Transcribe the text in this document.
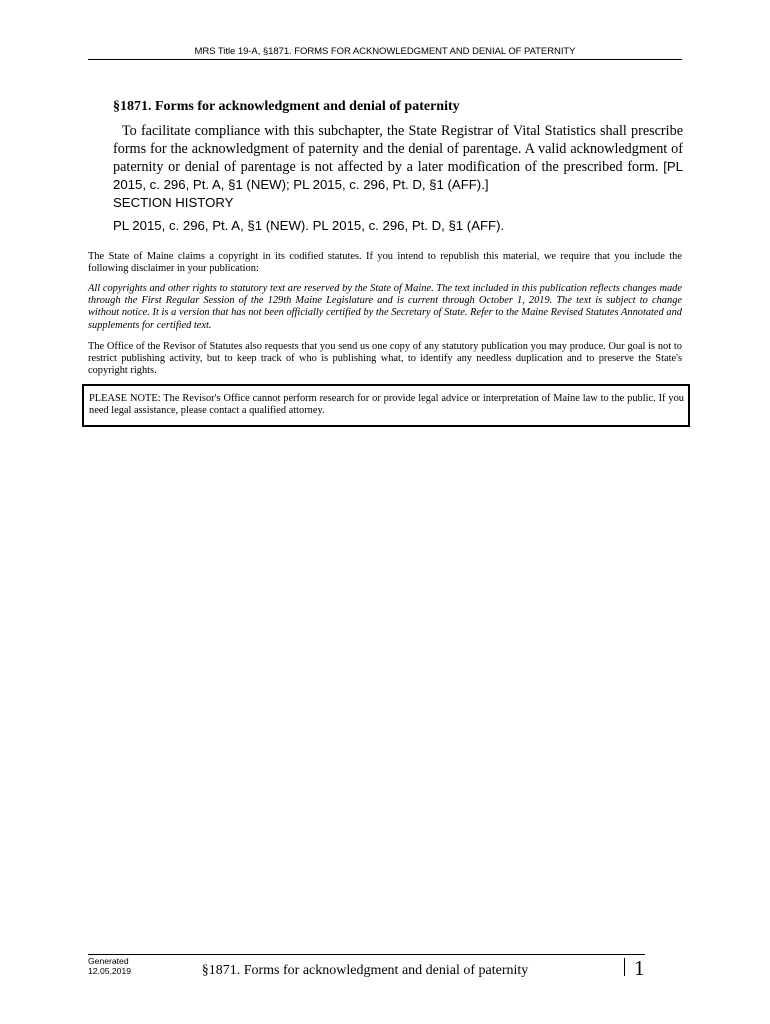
MRS Title 19-A, §1871. FORMS FOR ACKNOWLEDGMENT AND DENIAL OF PATERNITY
§1871. Forms for acknowledgment and denial of paternity
To facilitate compliance with this subchapter, the State Registrar of Vital Statistics shall prescribe forms for the acknowledgment of paternity and the denial of parentage. A valid acknowledgment of paternity or denial of parentage is not affected by a later modification of the prescribed form. [PL 2015, c. 296, Pt. A, §1 (NEW); PL 2015, c. 296, Pt. D, §1 (AFF).]
SECTION HISTORY
PL 2015, c. 296, Pt. A, §1 (NEW). PL 2015, c. 296, Pt. D, §1 (AFF).
The State of Maine claims a copyright in its codified statutes. If you intend to republish this material, we require that you include the following disclaimer in your publication:
All copyrights and other rights to statutory text are reserved by the State of Maine. The text included in this publication reflects changes made through the First Regular Session of the 129th Maine Legislature and is current through October 1, 2019. The text is subject to change without notice. It is a version that has not been officially certified by the Secretary of State. Refer to the Maine Revised Statutes Annotated and supplements for certified text.
The Office of the Revisor of Statutes also requests that you send us one copy of any statutory publication you may produce. Our goal is not to restrict publishing activity, but to keep track of who is publishing what, to identify any needless duplication and to preserve the State's copyright rights.
PLEASE NOTE: The Revisor's Office cannot perform research for or provide legal advice or interpretation of Maine law to the public. If you need legal assistance, please contact a qualified attorney.
Generated
12.05.2019	§1871. Forms for acknowledgment and denial of paternity	1
